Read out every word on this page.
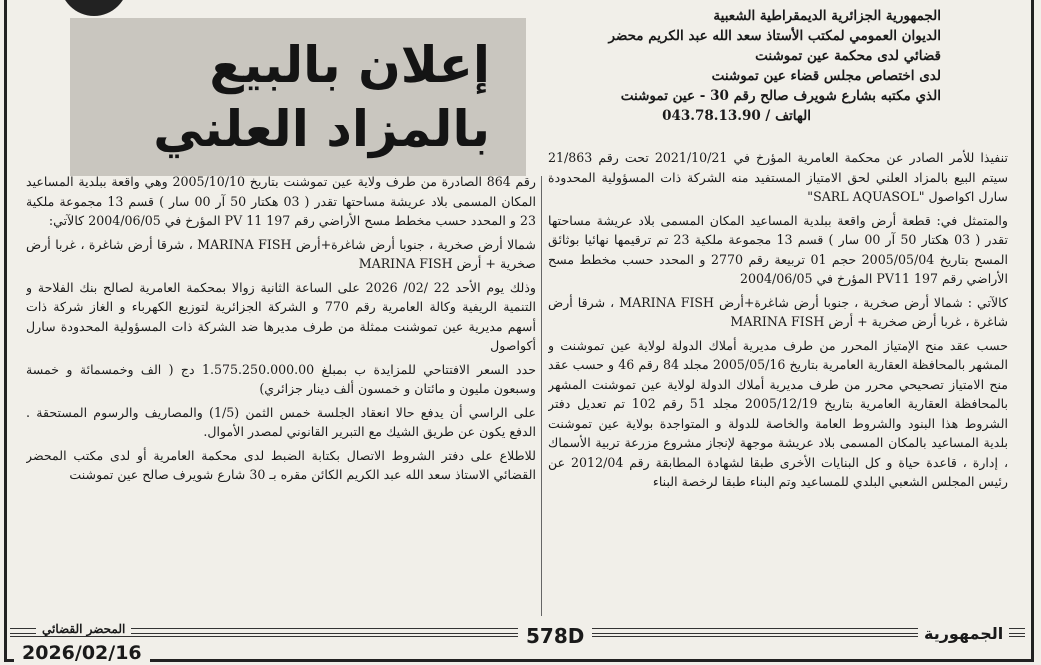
الجمهورية الجزائرية الديمقراطية الشعبية
الديوان العمومي لمكتب الأستاذ سعد الله عبد الكريم محضر
قضائي لدى محكمة عين تموشنت
لدى اختصاص مجلس قضاء عين تموشنت
الذي مكتبه بشارع شويرف صالح رقم 30 - عين تموشنت
الهاتف / 043.78.13.90
إعلان بالبيع
بالمزاد العلني	تنفيذا للأمر الصادر عن محكمة العامرية المؤرخ في 2021/10/21 تحت رقم 21/863 سيتم البيع بالمزاد العلني لحق الامتياز المستفيد منه الشركة ذات المسؤولية المحدودة سارل اكواصول "SARL AQUASOL"

والمتمثل في: قطعة أرض واقعة ببلدية المساعيد المكان المسمى بلاد عريشة مساحتها تقدر ( 03 هكتار 50 آر 00 سار ) قسم 13 مجموعة ملكية 23 تم ترقيمها نهائيا بوثائق المسح بتاريخ 2005/05/04 حجم 01 تربيعة رقم 2770 و المحدد حسب مخطط مسح الأراضي رقم PV11 197 المؤرخ في 2004/06/05

كالآتي : شمالا أرض صخرية ، جنوبا أرض شاغرة+أرض MARINA FISH ، شرقا أرض شاغرة ، غربا أرض صخرية + أرض MARINA FISH

حسب عقد منح الإمتياز المحرر من طرف مديرية أملاك الدولة لولاية عين تموشنت و المشهر بالمحافظة العقارية العامرية بتاريخ 2005/05/16 مجلد 84 رقم 46 و حسب عقد منح الامتياز تصحيحي محرر من طرف مديرية أملاك الدولة لولاية عين تموشنت المشهر بالمحافظة العقارية العامرية بتاريخ 2005/12/19 مجلد 51 رقم 102 تم تعديل دفتر الشروط هذا البنود والشروط العامة والخاصة للدولة و المتواجدة بولاية عين تموشنت بلدية المساعيد بالمكان المسمى بلاد عريشة موجهة لإنجاز مشروع مزرعة تربية الأسماك ، إدارة ، قاعدة حياة و كل البنايات الأخرى طبقا لشهادة المطابقة رقم 2012/04 عن رئيس المجلس الشعبي البلدي للمساعيد وتم البناء طبقا لرخصة البناء

رقم 864 الصادرة من طرف ولاية عين تموشنت بتاريخ 2005/10/10 وهي واقعة ببلدية المساعيد المكان المسمى بلاد عريشة مساحتها تقدر ( 03 هكتار 50 آر 00 سار ) قسم 13 مجموعة ملكية 23 و المحدد حسب مخطط مسح الأراضي رقم PV 11 197 المؤرخ في 2004/06/05 كالآتي:

شمالا أرض صخرية ، جنوبا أرض شاغرة+أرض MARINA FISH ، شرقا أرض شاغرة ، غربا أرض صخرية + أرض MARINA FISH

وذلك يوم الأحد 22 /02/ 2026 على الساعة الثانية زوالا بمحكمة العامرية لصالح بنك الفلاحة و التنمية الريفية وكالة العامرية رقم 770 و الشركة الجزائرية لتوزيع الكهرباء و الغاز شركة ذات أسهم مديرية عين تموشنت ممثلة من طرف مديرها ضد الشركة ذات المسؤولية المحدودة سارل أكواصول

حدد السعر الافتتاحي للمزايدة ب بمبلغ 1.575.250.000.00 دج ( الف وخمسمائة و خمسة وسبعون مليون و مائتان و خمسون ألف دينار جزائري)

على الراسي أن يدفع حالا انعقاد الجلسة خمس الثمن (1/5) والمصاريف والرسوم المستحقة . الدفع يكون عن طريق الشيك مع التبرير القانوني لمصدر الأموال.

للاطلاع على دفتر الشروط الاتصال بكتابة الضبط لدى محكمة العامرية أو لدى مكتب المحضر القضائي الاستاذ سعد الله عبد الكريم الكائن مقره بـ 30 شارع شويرف صالح عين تموشنت

المحضر القضائي	578D	الجمهورية
2026/02/16
